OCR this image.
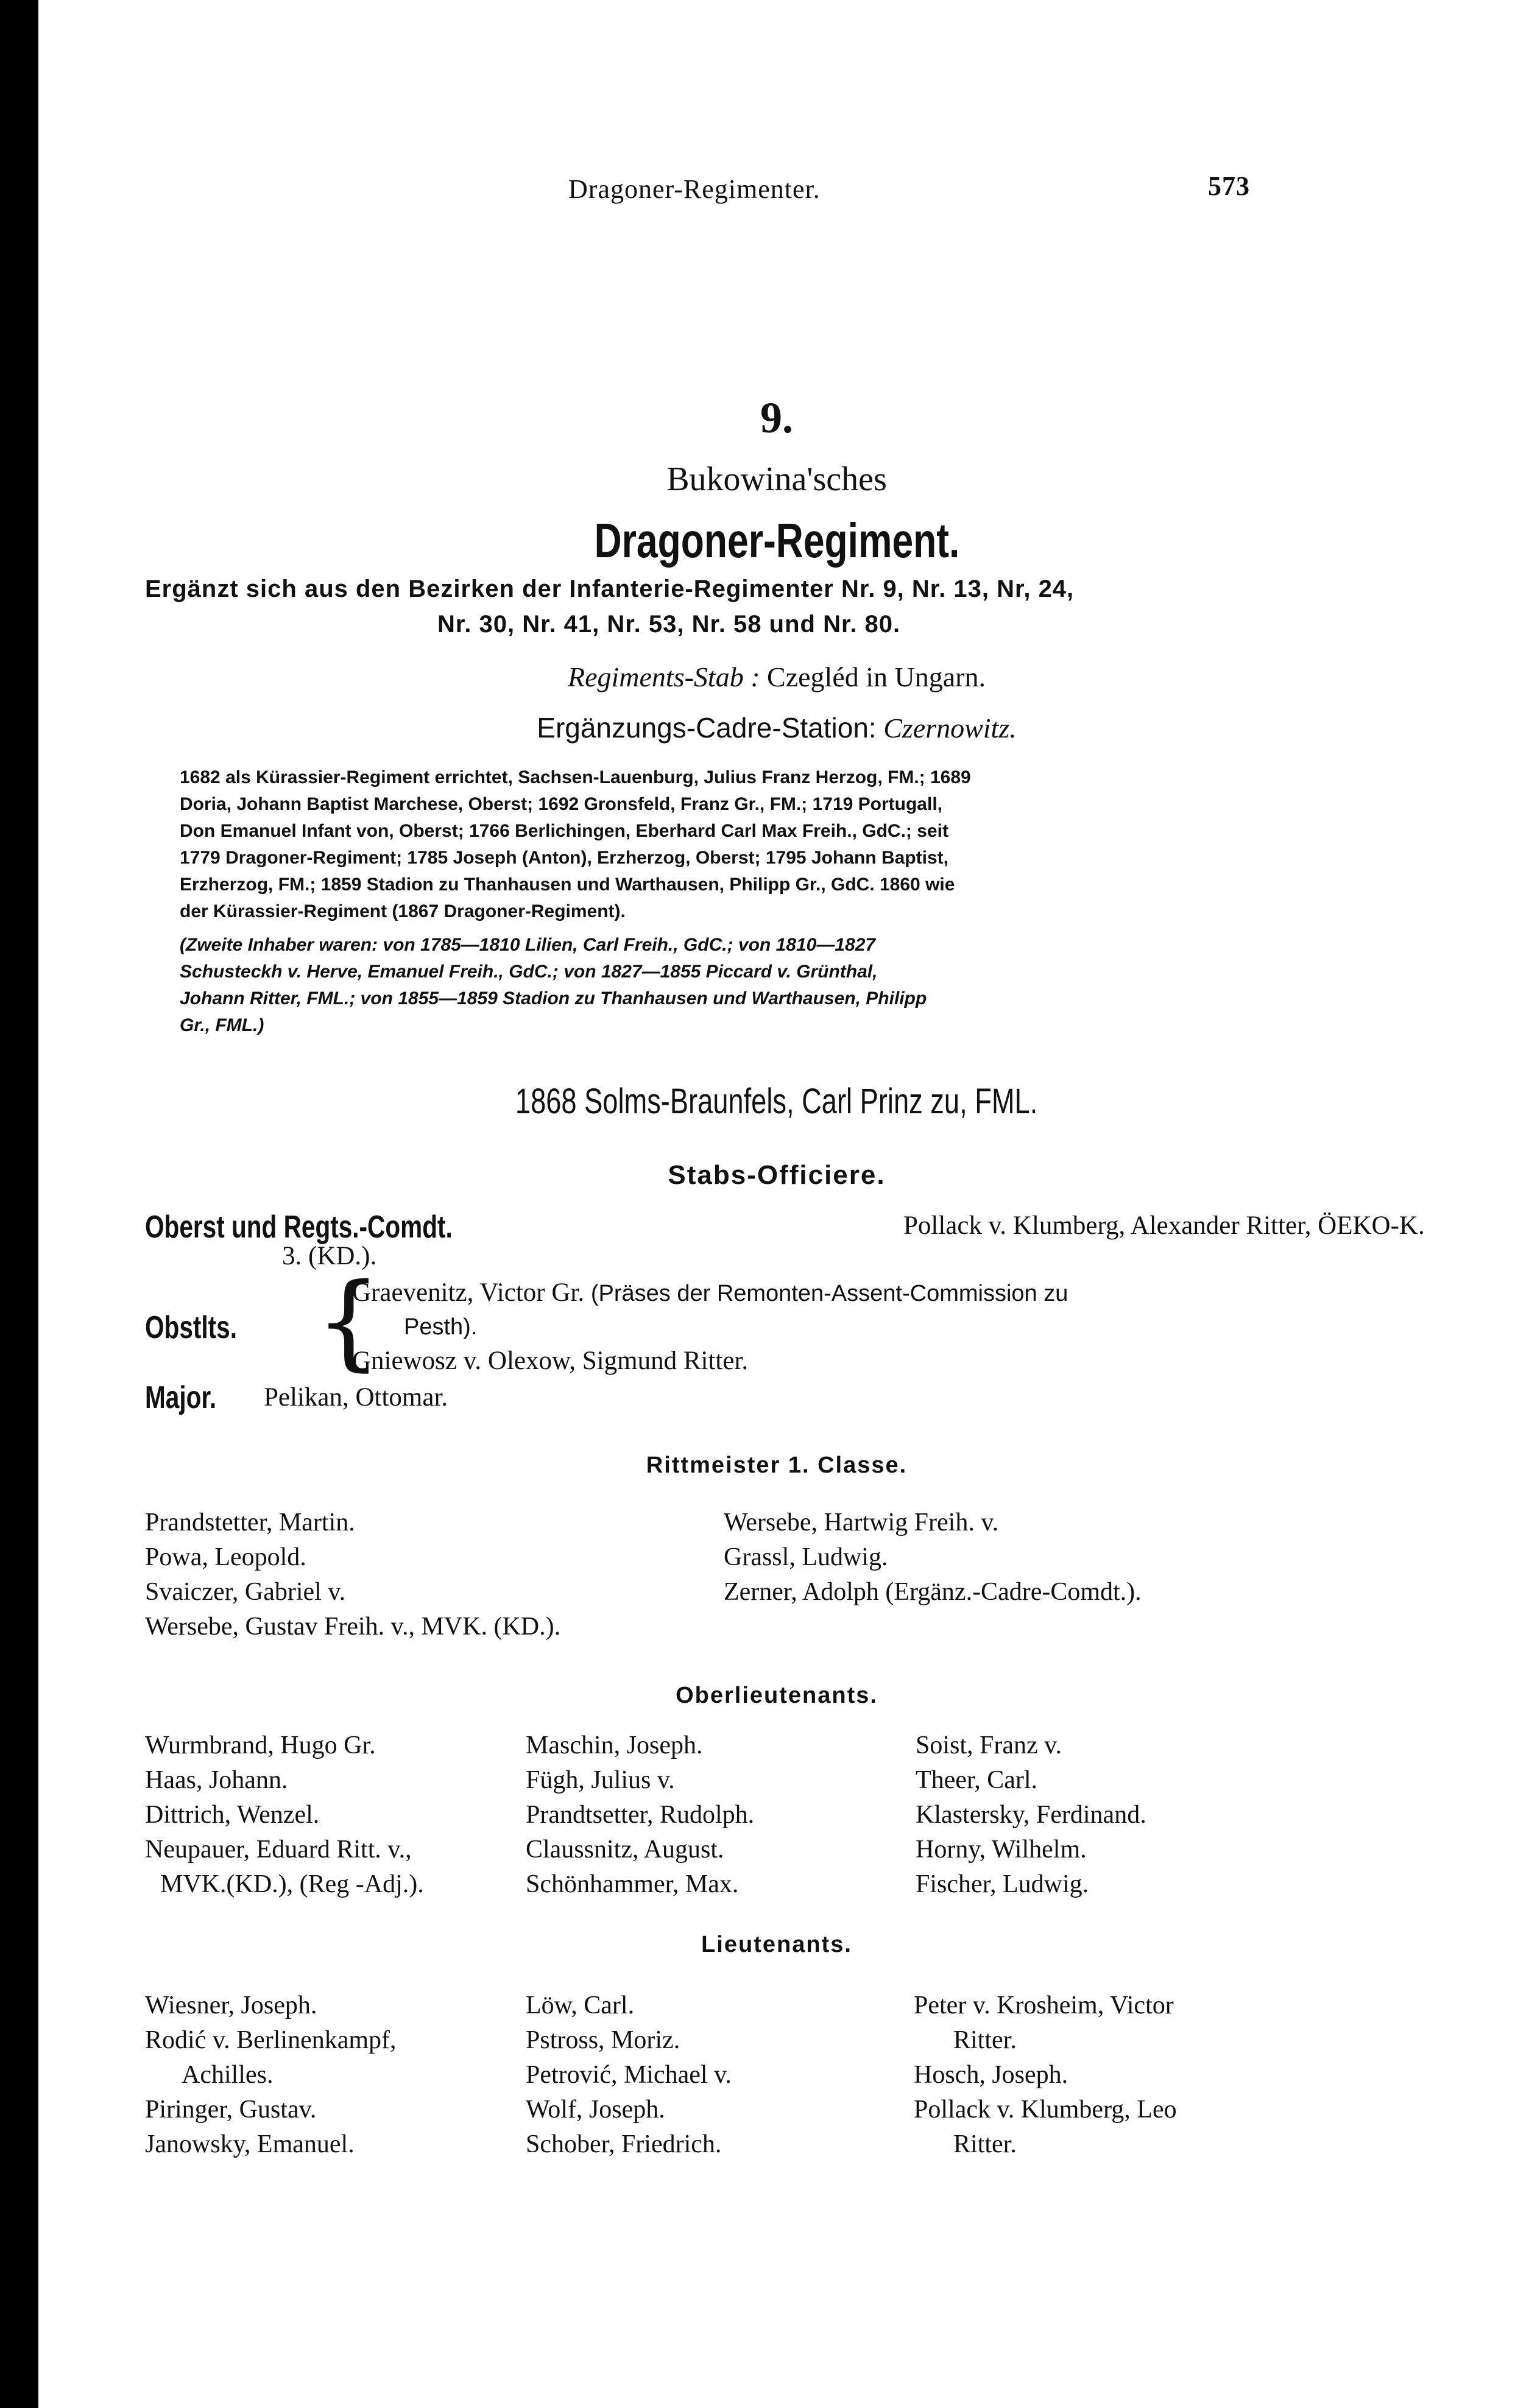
Dragoner-Regimenter.	573
9.
Bukowina'sches
Dragoner-Regiment.
Ergänzt sich aus den Bezirken der Infanterie-Regimenter Nr. 9, Nr. 13, Nr, 24,
Nr. 30, Nr. 41, Nr. 53, Nr. 58 und Nr. 80.
Regiments-Stab : Czegléd in Ungarn.
Ergänzungs-Cadre-Station: Czernowitz.
1682 als Kürassier-Regiment errichtet, Sachsen-Lauenburg, Julius Franz Herzog, FM.; 1689
Doria, Johann Baptist Marchese, Oberst; 1692 Gronsfeld, Franz Gr., FM.; 1719 Portugall,
Don Emanuel Infant von, Oberst; 1766 Berlichingen, Eberhard Carl Max Freih., GdC.; seit
1779 Dragoner-Regiment; 1785 Joseph (Anton), Erzherzog, Oberst; 1795 Johann Baptist,
Erzherzog, FM.; 1859 Stadion zu Thanhausen und Warthausen, Philipp Gr., GdC. 1860 wie
der Kürassier-Regiment (1867 Dragoner-Regiment).
(Zweite Inhaber waren: von 1785—1810 Lilien, Carl Freih., GdC.; von 1810—1827
Schusteckh v. Herve, Emanuel Freih., GdC.; von 1827—1855 Piccard v. Grünthal,
Johann Ritter, FML.; von 1855—1859 Stadion zu Thanhausen und Warthausen, Philipp
Gr., FML.)
1868 Solms-Braunfels, Carl Prinz zu, FML.
Stabs-Officiere.
Oberst und Regts.-Comdt.	Pollack v. Klumberg, Alexander Ritter, ÖEKO-K.
3. (KD.).
Obstlts. {
Graevenitz, Victor Gr. (Präses der Remonten-Assent-Commission zu
Pesth).
Gniewosz v. Olexow, Sigmund Ritter.
Major.	Pelikan, Ottomar.
Rittmeister 1. Classe.
Prandstetter, Martin.
Powa, Leopold.
Svaiczer, Gabriel v.
Wersebe, Gustav Freih. v., MVK. (KD.).
Wersebe, Hartwig Freih. v.
Grassl, Ludwig.
Zerner, Adolph (Ergänz.-Cadre-Comdt.).
Oberlieutenants.
Wurmbrand, Hugo Gr.
Haas, Johann.
Dittrich, Wenzel.
Neupauer, Eduard Ritt. v.,
MVK.(KD.), (Reg -Adj.).
Maschin, Joseph.
Fügh, Julius v.
Prandtsetter, Rudolph.
Claussnitz, August.
Schönhammer, Max.
Soist, Franz v.
Theer, Carl.
Klastersky, Ferdinand.
Horny, Wilhelm.
Fischer, Ludwig.
Lieutenants.
Wiesner, Joseph.
Rodić v. Berlinenkampf,
Achilles.
Piringer, Gustav.
Janowsky, Emanuel.
Löw, Carl.
Pstross, Moriz.
Petrović, Michael v.
Wolf, Joseph.
Schober, Friedrich.
Peter v. Krosheim, Victor
Ritter.
Hosch, Joseph.
Pollack v. Klumberg, Leo
Ritter.
